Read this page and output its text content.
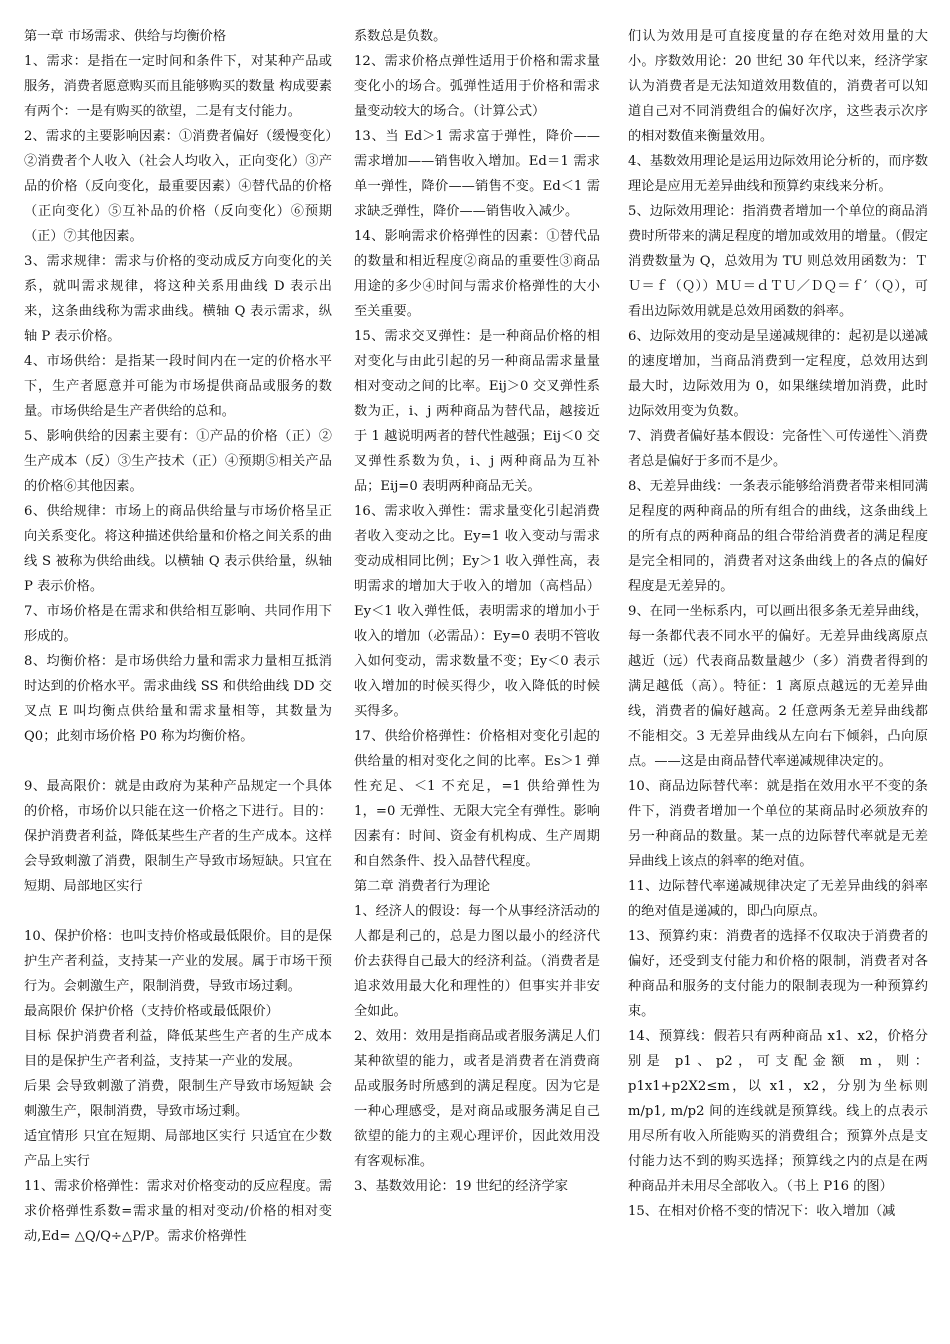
第一章 市场需求、供给与均衡价格

1、需求：是指在一定时间和条件下，对某种产品或服务，消费者愿意购买而且能够购买的数量 构成要素有两个：一是有购买的欲望，二是有支付能力。

2、需求的主要影响因素：①消费者偏好（缓慢变化）②消费者个人收入（社会人均收入，正向变化）③产品的价格（反向变化，最重要因素）④替代品的价格（正向变化）⑤互补品的价格（反向变化）⑥预期（正）⑦其他因素。

3、需求规律：需求与价格的变动成反方向变化的关系，就叫需求规律，将这种关系用曲线 D 表示出来，这条曲线称为需求曲线。横轴 Q 表示需求，纵轴 P 表示价格。

4、市场供给：是指某一段时间内在一定的价格水平下，生产者愿意并可能为市场提供商品或服务的数量。市场供给是生产者供给的总和。

5、影响供给的因素主要有：①产品的价格（正）②生产成本（反）③生产技术（正）④预期⑤相关产品的价格⑥其他因素。

6、供给规律：市场上的商品供给量与市场价格呈正向关系变化。将这种描述供给量和价格之间关系的曲线 S 被称为供给曲线。以横轴 Q 表示供给量，纵轴 P 表示价格。

7、市场价格是在需求和供给相互影响、共同作用下形成的。

8、均衡价格：是市场供给力量和需求力量相互抵消时达到的价格水平。需求曲线 SS 和供给曲线 DD 交叉点 E 叫均衡点供给量和需求量相等，其数量为 Q0；此刻市场价格 P0 称为均衡价格。

9、最高限价：就是由政府为某种产品规定一个具体的价格，市场价以只能在这一价格之下进行。目的：保护消费者利益，降低某些生产者的生产成本。这样会导致刺激了消费，限制生产导致市场短缺。只宜在短期、局部地区实行

10、保护价格：也叫支持价格或最低限价。目的是保护生产者利益，支持某一产业的发展。属于市场干预行为。会刺激生产，限制消费，导致市场过剩。

最高限价 保护价格（支持价格或最低限价）

目标 保护消费者利益，降低某些生产者的生产成本 目的是保护生产者利益，支持某一产业的发展。

后果 会导致刺激了消费，限制生产导致市场短缺 会刺激生产，限制消费，导致市场过剩。

适宜情形 只宜在短期、局部地区实行 只适宜在少数产品上实行

11、需求价格弹性：需求对价格变动的反应程度。需求价格弹性系数=需求量的相对变动/价格的相对变动,Ed= △Q/Q÷△P/P。需求价格弹性

系数总是负数。

12、需求价格点弹性适用于价格和需求量变化小的场合。弧弹性适用于价格和需求量变动较大的场合。（计算公式）

13、当 Ed＞1 需求富于弹性，降价——需求增加——销售收入增加。Ed＝1 需求单一弹性，降价——销售不变。Ed＜1 需求缺乏弹性，降价——销售收入减少。

14、影响需求价格弹性的因素：①替代品的数量和相近程度②商品的重要性③商品用途的多少④时间与需求价格弹性的大小至关重要。

15、需求交叉弹性：是一种商品价格的相对变化与由此引起的另一种商品需求量量相对变动之间的比率。Eij＞0 交叉弹性系数为正，i、j 两种商品为替代品，越接近于 1 越说明两者的替代性越强；Eij＜0 交叉弹性系数为负，i、j 两种商品为互补品；Eij=0 表明两种商品无关。

16、需求收入弹性：需求量变化引起消费者收入变动之比。Ey=1 收入变动与需求变动成相同比例；Ey＞1 收入弹性高，表明需求的增加大于收入的增加（高档品）Ey＜1 收入弹性低，表明需求的增加小于收入的增加（必需品）：Ey=0 表明不管收入如何变动，需求数量不变；Ey＜0 表示收入增加的时候买得少，收入降低的时候买得多。

17、供给价格弹性：价格相对变化引起的供给量的相对变化之间的比率。Es＞1 弹性充足、＜1 不充足，=1 供给弹性为 1，=0 无弹性、无限大完全有弹性。影响因素有：时间、资金有机构成、生产周期和自然条件、投入品替代程度。

第二章 消费者行为理论

1、经济人的假设：每一个从事经济活动的人都是利己的，总是力图以最小的经济代价去获得自己最大的经济利益。（消费者是追求效用最大化和理性的）但事实并非安全如此。

2、效用：效用是指商品或者服务满足人们某种欲望的能力，或者是消费者在消费商品或服务时所感到的满足程度。因为它是一种心理感受，是对商品或服务满足自己欲望的能力的主观心理评价，因此效用没有客观标准。

3、基数效用论：19 世纪的经济学家

们认为效用是可直接度量的存在绝对效用量的大小。序数效用论：20 世纪 30 年代以来，经济学家认为消费者是无法知道效用数值的，消费者可以知道自己对不同消费组合的偏好次序，这些表示次序的相对数值来衡量效用。

4、基数效用理论是运用边际效用论分析的，而序数理论是应用无差异曲线和预算约束线来分析。

5、边际效用理论：指消费者增加一个单位的商品消费时所带来的满足程度的增加或效用的增量。（假定消费数量为 Q，总效用为 TU 则总效用函数为：ＴＵ＝ｆ（Ｑ））ＭＵ＝ｄＴＵ／ＤＱ＝ｆ′（Ｑ），可看出边际效用就是总效用函数的斜率。

6、边际效用的变动是呈递减规律的：起初是以递减的速度增加，当商品消费到一定程度，总效用达到最大时，边际效用为 0，如果继续增加消费，此时边际效用变为负数。

7、消费者偏好基本假设：完备性＼可传递性＼消费者总是偏好于多而不是少。

8、无差异曲线：一条表示能够给消费者带来相同满足程度的两种商品的所有组合的曲线，这条曲线上的所有点的两种商品的组合带给消费者的满足程度是完全相同的，消费者对这条曲线上的各点的偏好程度是无差异的。

9、在同一坐标系内，可以画出很多条无差异曲线，每一条都代表不同水平的偏好。无差异曲线离原点越近（远）代表商品数量越少（多）消费者得到的满足越低（高）。特征：1 离原点越远的无差异曲线，消费者的偏好越高。2 任意两条无差异曲线都不能相交。3 无差异曲线从左向右下倾斜，凸向原点。——这是由商品替代率递减规律决定的。

10、商品边际替代率：就是指在效用水平不变的条件下，消费者增加一个单位的某商品时必须放弃的另一种商品的数量。某一点的边际替代率就是无差异曲线上该点的斜率的绝对值。

11、边际替代率递减规律决定了无差异曲线的斜率的绝对值是递减的，即凸向原点。

13、预算约束：消费者的选择不仅取决于消费者的偏好，还受到支付能力和价格的限制，消费者对各种商品和服务的支付能力的限制表现为一种预算约束。

14、预算线：假若只有两种商品 x1、x2，价格分别是 p1、p2，可支配金额 m，则：p1x1+p2X2≤m，以 x1，x2，分别为坐标则 m/p1, m/p2 间的连线就是预算线。线上的点表示用尽所有收入所能购买的消费组合；预算外点是支付能力达不到的购买选择；预算线之内的点是在两种商品并未用尽全部收入。（书上 P16 的图）

15、在相对价格不变的情况下：收入增加（减
